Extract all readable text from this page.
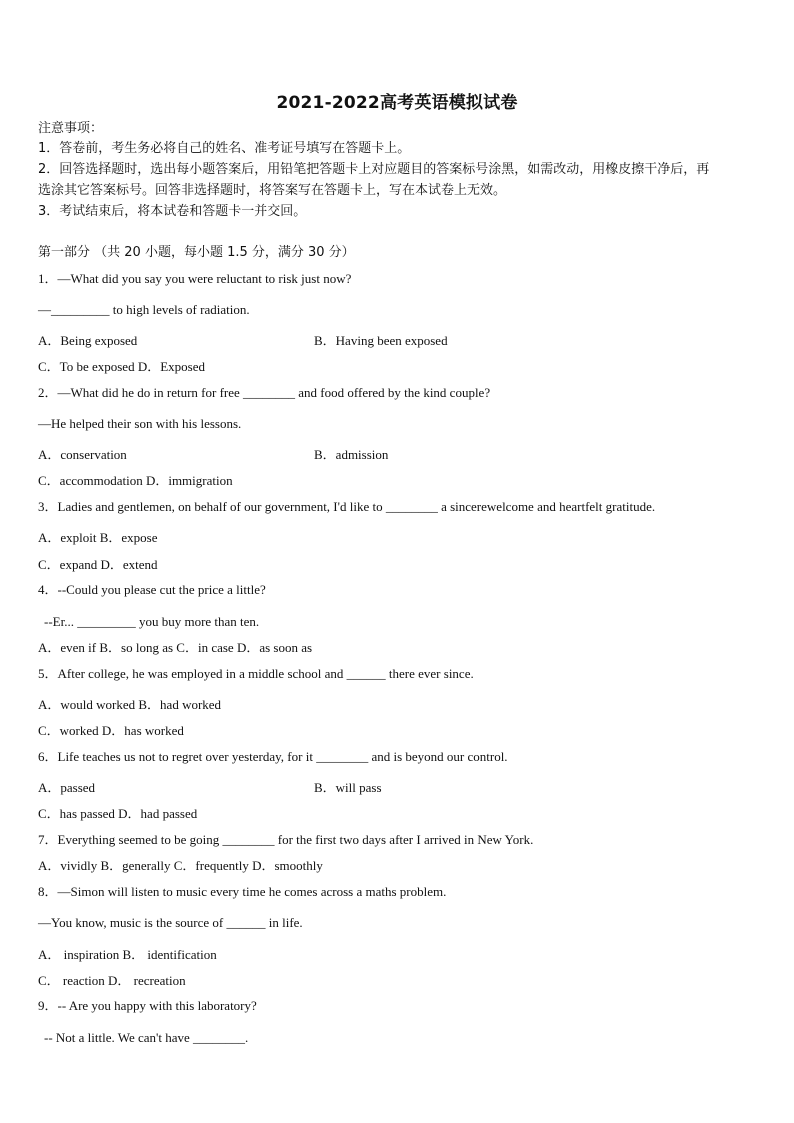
2021-2022高考英语模拟试卷
注意事项：
1．答卷前，考生务必将自己的姓名、准考证号填写在答题卡上。
2．回答选择题时，选出每小题答案后，用铅笔把答题卡上对应题目的答案标号涂黑，如需改动，用橡皮擦干净后，再
选涂其它答案标号。回答非选择题时，将答案写在答题卡上，写在本试卷上无效。
3．考试结束后，将本试卷和答题卡一并交回。
第一部分 （共 20 小题，每小题 1.5 分，满分 30 分）
1．—What did you say you were reluctant to risk just now?
—_________ to high levels of radiation.
A．Being exposed	B．Having been exposed
C．To be exposed D．Exposed
2．—What did he do in return for free ________ and food offered by the kind couple?
—He helped their son with his lessons.
A．conservation	B．admission
C．accommodation D．immigration
3．Ladies and gentlemen, on behalf of our government, I'd like to ________ a sincerewelcome and heartfelt gratitude.
A．exploit B．expose
C．expand D．extend
4．--Could you please cut the price a little?
--Er... _________ you buy more than ten.
A．even if B．so long as C．in case D．as soon as
5．After college, he was employed in a middle school and ______ there ever since.
A．would worked B．had worked
C．worked D．has worked
6．Life teaches us not to regret over yesterday, for it ________ and is beyond our control.
A．passed	B．will pass
C．has passed D．had passed
7．Everything seemed to be going ________ for the first two days after I arrived in New York.
A．vividly B．generally C．frequently D．smoothly
8．—Simon will listen to music every time he comes across a maths problem.
—You know, music is the source of ______ in life.
A． inspiration B． identification
C． reaction D． recreation
9．-- Are you happy with this laboratory?
-- Not a little. We can't have ________.
